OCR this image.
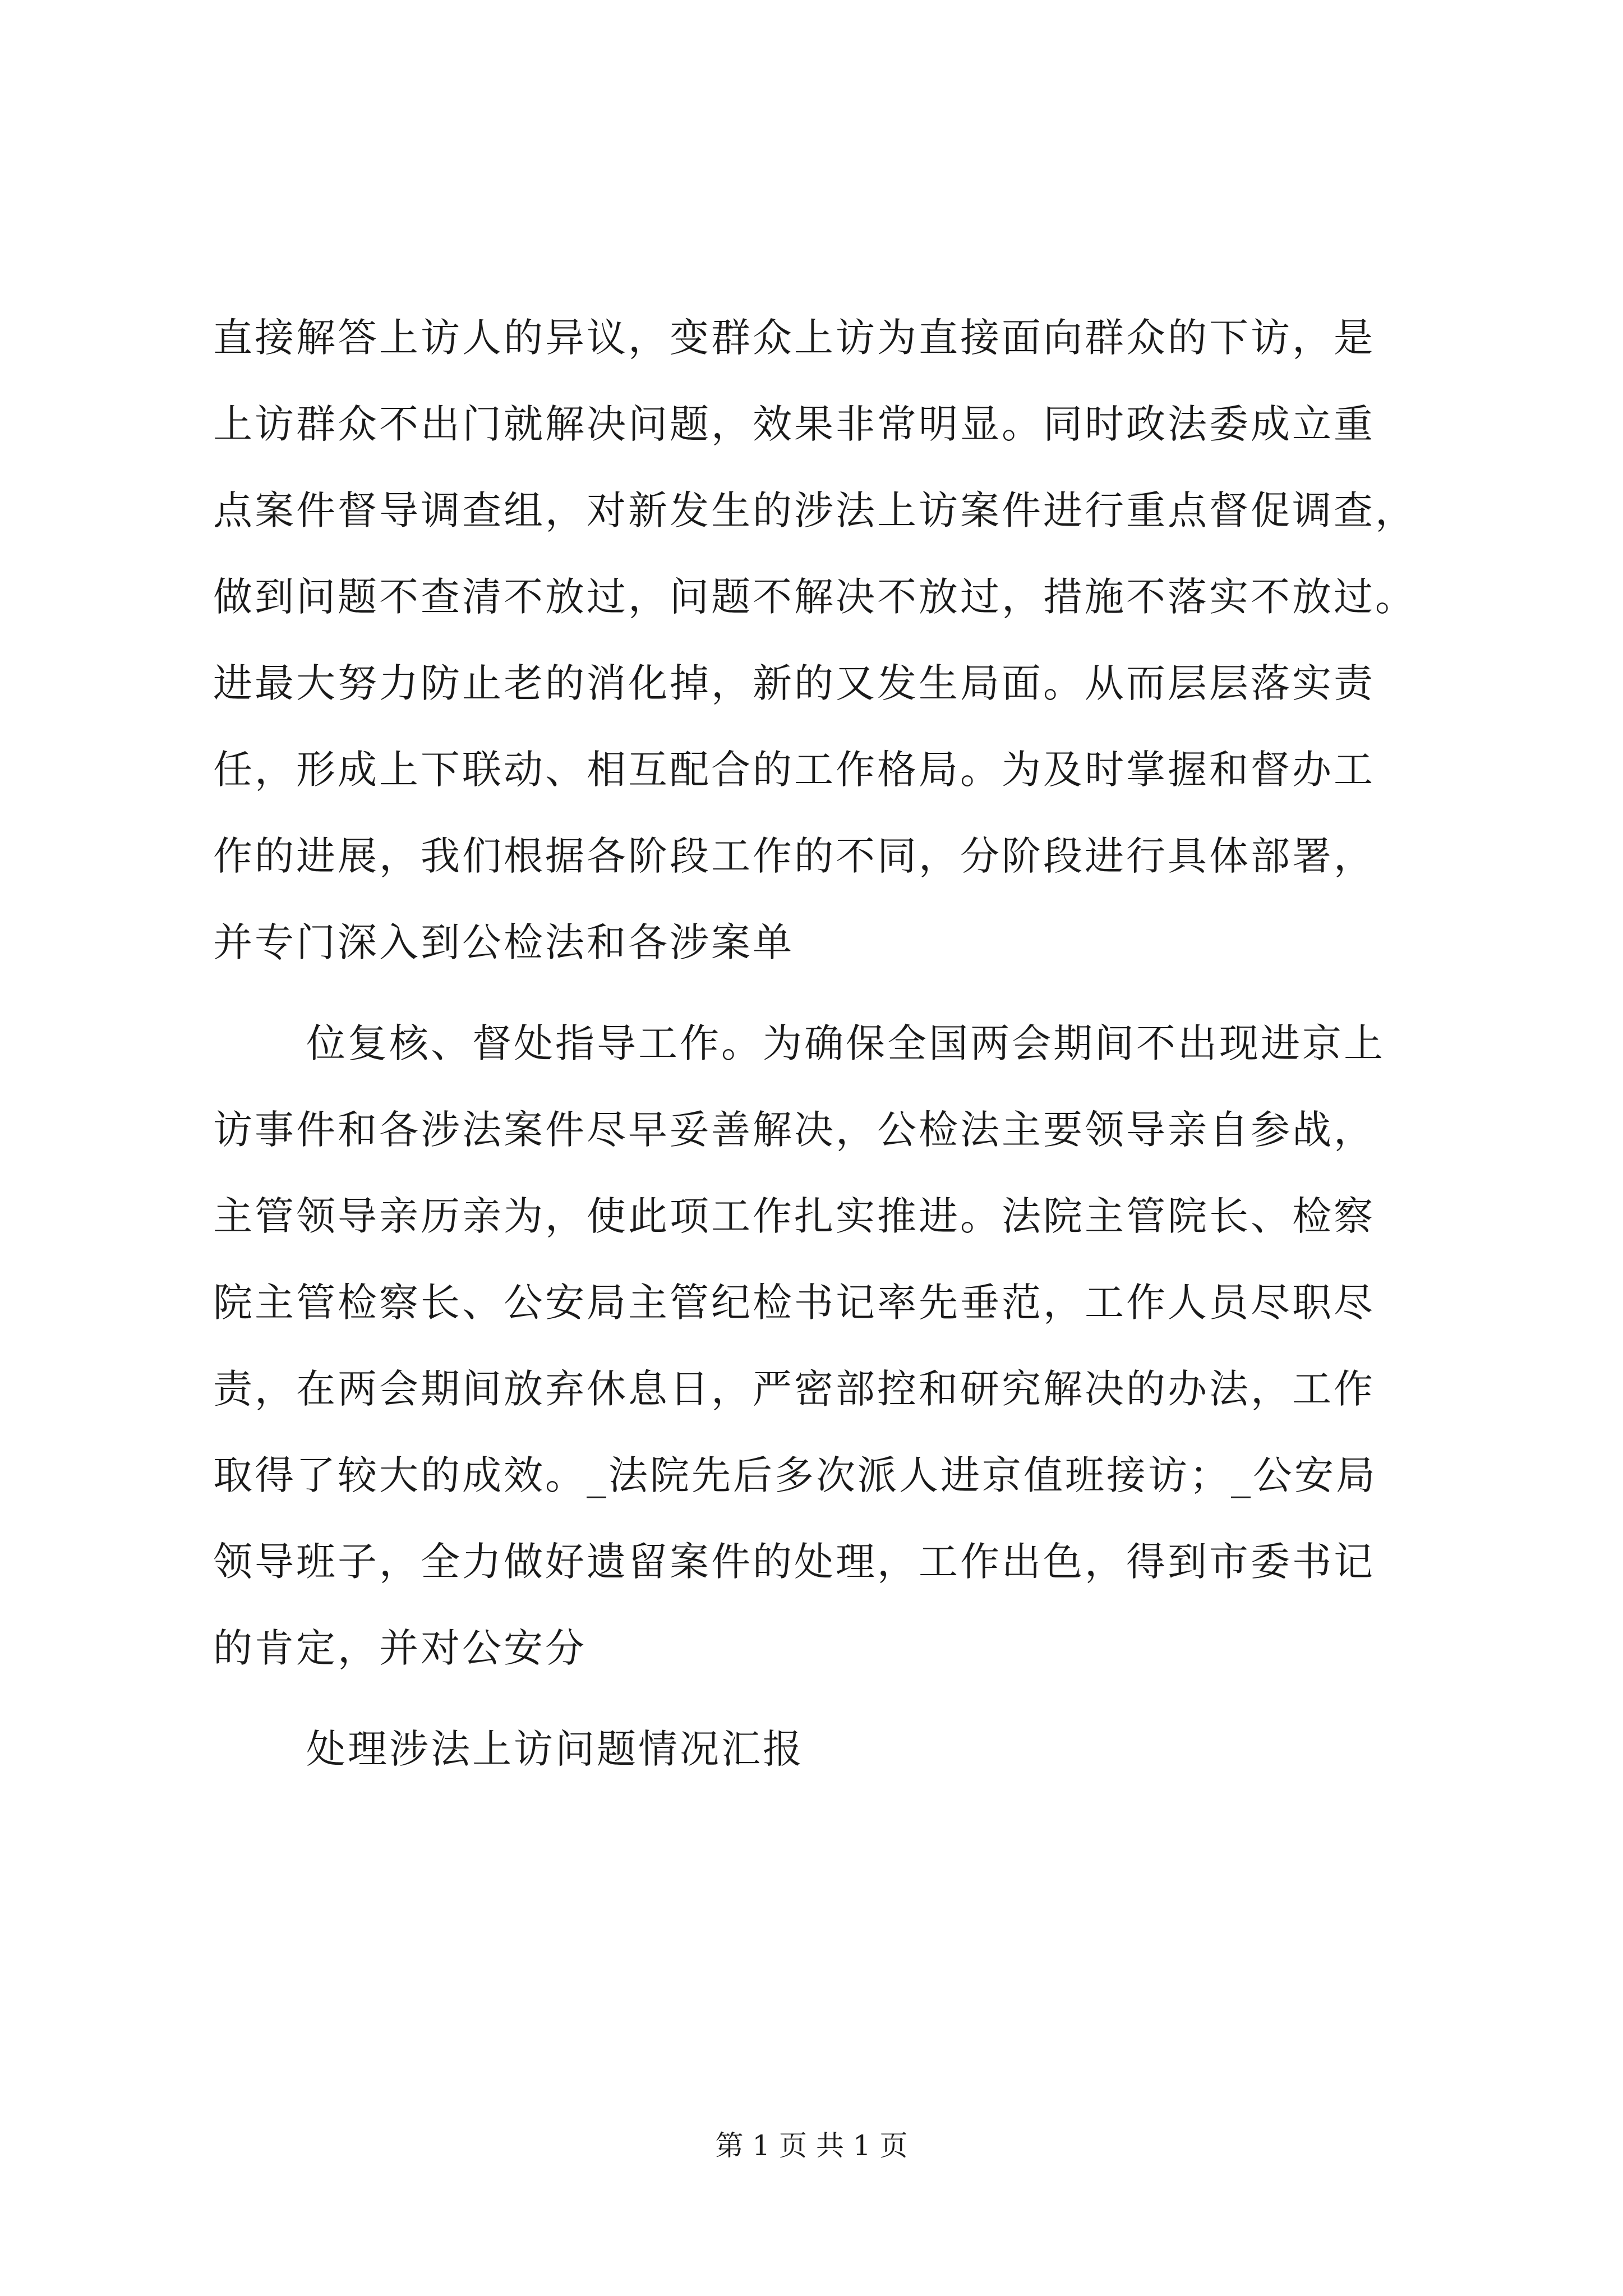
直接解答上访人的异议，变群众上访为直接面向群众的下访，是
上访群众不出门就解决问题，效果非常明显。同时政法委成立重
点案件督导调查组，对新发生的涉法上访案件进行重点督促调查，
做到问题不查清不放过，问题不解决不放过，措施不落实不放过。
进最大努力防止老的消化掉，新的又发生局面。从而层层落实责
任，形成上下联动、相互配合的工作格局。为及时掌握和督办工
作的进展，我们根据各阶段工作的不同，分阶段进行具体部署，
并专门深入到公检法和各涉案单
位复核、督处指导工作。为确保全国两会期间不出现进京上
访事件和各涉法案件尽早妥善解决，公检法主要领导亲自参战，
主管领导亲历亲为，使此项工作扎实推进。法院主管院长、检察
院主管检察长、公安局主管纪检书记率先垂范，工作人员尽职尽
责，在两会期间放弃休息日，严密部控和研究解决的办法，工作
取得了较大的成效。_法院先后多次派人进京值班接访；_公安局
领导班子，全力做好遗留案件的处理，工作出色，得到市委书记
的肯定，并对公安分
处理涉法上访问题情况汇报
第 1 页 共 1 页
